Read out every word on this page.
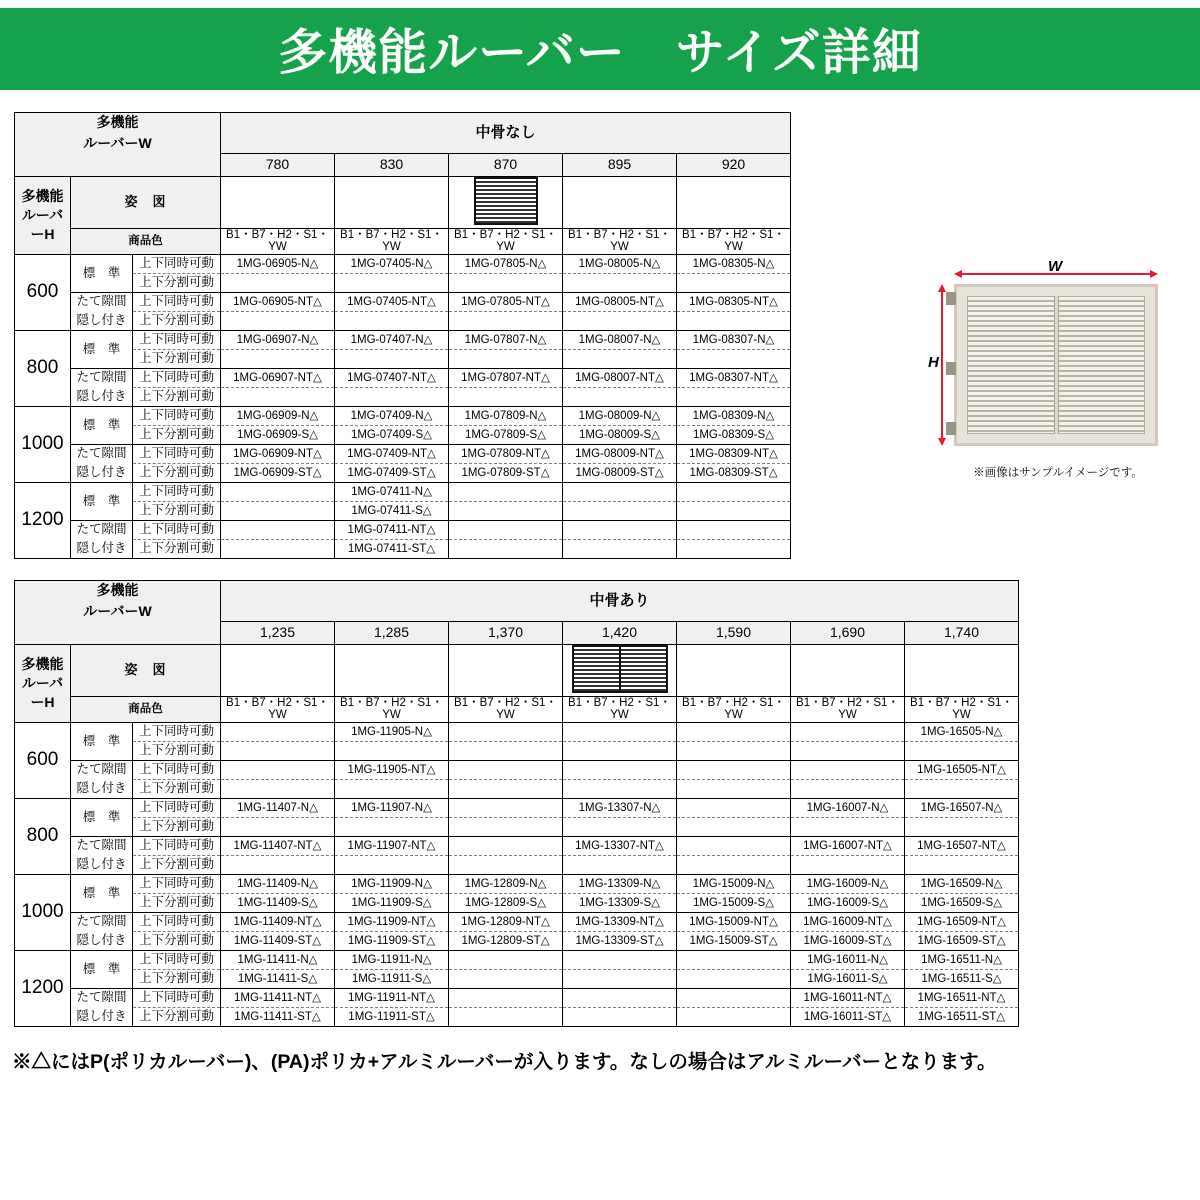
多機能ルーバー　サイズ詳細
多機能			中骨なし				
ルーバーW							
			780	830	870	895	920

多機能
ルーバーH	姿　図						
	商品色		B1・B7・H2・S1・YW	B1・B7・H2・S1・YW	B1・B7・H2・S1・YW	B1・B7・H2・S1・YW	B1・B7・H2・S1・YW
600	標　準	上下同時可動	1MG-06905-N△	1MG-07405-N△	1MG-07805-N△	1MG-08005-N△	1MG-08305-N△
		上下分割可動					
	たて隙間	上下同時可動	1MG-06905-NT△	1MG-07405-NT△	1MG-07805-NT△	1MG-08005-NT△	1MG-08305-NT△
	隠し付き	上下分割可動					
800	標　準	上下同時可動	1MG-06907-N△	1MG-07407-N△	1MG-07807-N△	1MG-08007-N△	1MG-08307-N△
		上下分割可動					
	たて隙間	上下同時可動	1MG-06907-NT△	1MG-07407-NT△	1MG-07807-NT△	1MG-08007-NT△	1MG-08307-NT△
	隠し付き	上下分割可動					
1000	標　準	上下同時可動	1MG-06909-N△	1MG-07409-N△	1MG-07809-N△	1MG-08009-N△	1MG-08309-N△
		上下分割可動	1MG-06909-S△	1MG-07409-S△	1MG-07809-S△	1MG-08009-S△	1MG-08309-S△
	たて隙間	上下同時可動	1MG-06909-NT△	1MG-07409-NT△	1MG-07809-NT△	1MG-08009-NT△	1MG-08309-NT△
	隠し付き	上下分割可動	1MG-06909-ST△	1MG-07409-ST△	1MG-07809-ST△	1MG-08009-ST△	1MG-08309-ST△
1200	標　準	上下同時可動		1MG-07411-N△			
		上下分割可動		1MG-07411-S△			
	たて隙間	上下同時可動		1MG-07411-NT△			
	隠し付き	上下分割可動		1MG-07411-ST△			
多機能			中骨あり						
ルーバーW									
			1,235	1,285	1,370	1,420	1,590	1,690	1,740

多機能
ルーバーH	姿　図								
	商品色		B1・B7・H2・S1・YW	B1・B7・H2・S1・YW	B1・B7・H2・S1・YW	B1・B7・H2・S1・YW	B1・B7・H2・S1・YW	B1・B7・H2・S1・YW	B1・B7・H2・S1・YW
600	標　準	上下同時可動		1MG-11905-N△					1MG-16505-N△
		上下分割可動							
	たて隙間	上下同時可動		1MG-11905-NT△					1MG-16505-NT△
	隠し付き	上下分割可動							
800	標　準	上下同時可動	1MG-11407-N△	1MG-11907-N△		1MG-13307-N△		1MG-16007-N△	1MG-16507-N△
		上下分割可動							
	たて隙間	上下同時可動	1MG-11407-NT△	1MG-11907-NT△		1MG-13307-NT△		1MG-16007-NT△	1MG-16507-NT△
	隠し付き	上下分割可動							
1000	標　準	上下同時可動	1MG-11409-N△	1MG-11909-N△	1MG-12809-N△	1MG-13309-N△	1MG-15009-N△	1MG-16009-N△	1MG-16509-N△
		上下分割可動	1MG-11409-S△	1MG-11909-S△	1MG-12809-S△	1MG-13309-S△	1MG-15009-S△	1MG-16009-S△	1MG-16509-S△
	たて隙間	上下同時可動	1MG-11409-NT△	1MG-11909-NT△	1MG-12809-NT△	1MG-13309-NT△	1MG-15009-NT△	1MG-16009-NT△	1MG-16509-NT△
	隠し付き	上下分割可動	1MG-11409-ST△	1MG-11909-ST△	1MG-12809-ST△	1MG-13309-ST△	1MG-15009-ST△	1MG-16009-ST△	1MG-16509-ST△
1200	標　準	上下同時可動	1MG-11411-N△	1MG-11911-N△				1MG-16011-N△	1MG-16511-N△
		上下分割可動	1MG-11411-S△	1MG-11911-S△				1MG-16011-S△	1MG-16511-S△
	たて隙間	上下同時可動	1MG-11411-NT△	1MG-11911-NT△				1MG-16011-NT△	1MG-16511-NT△
	隠し付き	上下分割可動	1MG-11411-ST△	1MG-11911-ST△				1MG-16011-ST△	1MG-16511-ST△
※△にはP(ポリカルーバー)、(PA)ポリカ+アルミルーバーが入ります。なしの場合はアルミルーバーとなります。
W
H
※画像はサンプルイメージです。
